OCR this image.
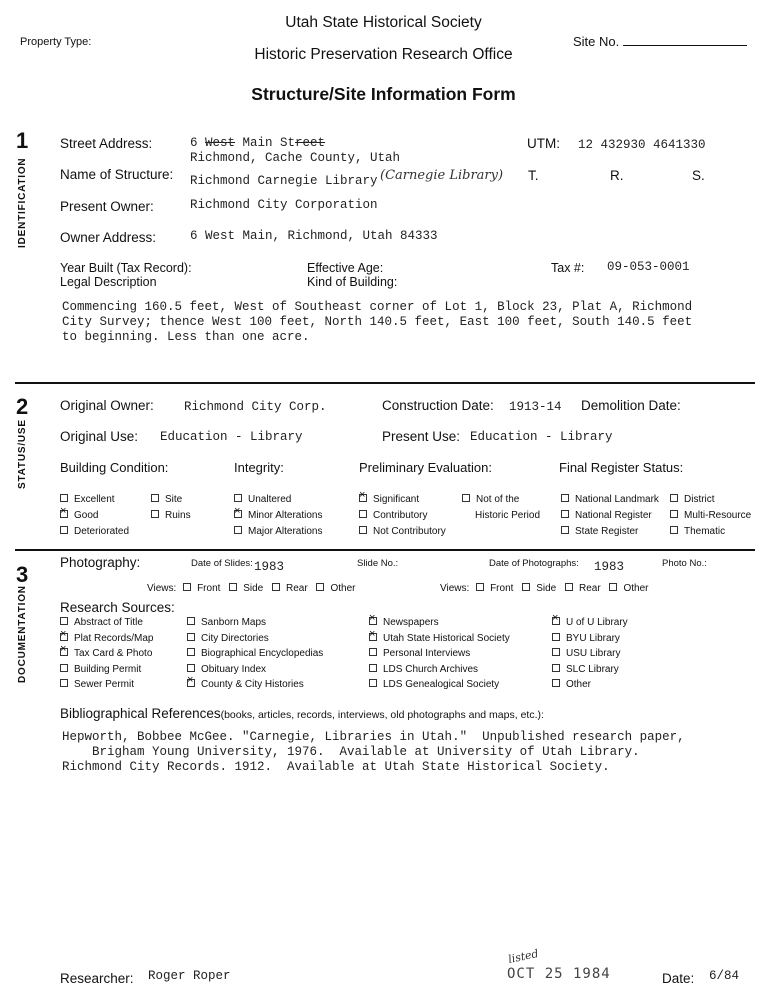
Utah State Historical Society
Historic Preservation Research Office
Structure/Site Information Form
Property Type:	Site No.
1
IDENTIFICATION
Street Address:	6 West Main Street
Richmond, Cache County, Utah
UTM: 12 432930 4641330
Name of Structure: Richmond Carnegie Library (Carnegie Library) T.	R.	S.
Present Owner:	Richmond City Corporation
Owner Address:	6 West Main, Richmond, Utah 84333
Year Built (Tax Record):	Effective Age:	Tax #: 09-053-0001
Legal Description	Kind of Building:
Commencing 160.5 feet, West of Southeast corner of Lot 1, Block 23, Plat A, Richmond
City Survey; thence West 100 feet, North 140.5 feet, East 100 feet, South 140.5 feet
to beginning. Less than one acre.
2
STATUS/USE
Original Owner: Richmond City Corp.	Construction Date: 1913-14 Demolition Date:
Original Use: Education - Library	Present Use: Education - Library
Building Condition:	Integrity:	Preliminary Evaluation:	Final Register Status:
Excellent
×Good
Deteriorated
Site
Ruins
Unaltered
×Minor Alterations
Major Alterations
×Significant
Contributory
Not Contributory
Not of the
Historic Period
National Landmark
National Register
State Register
District
Multi-Resource
Thematic
3
DOCUMENTATION
Photography:	Date of Slides: 1983	Slide No.:	Date of Photographs: 1983	Photo No.:
Views: Front Side Rear Other	Views: Front Side Rear Other
Research Sources:
Abstract of Title
×Plat Records/Map
×Tax Card & Photo
Building Permit
Sewer Permit
Sanborn Maps
City Directories
Biographical Encyclopedias
Obituary Index
×County & City Histories
×Newspapers
×Utah State Historical Society
Personal Interviews
LDS Church Archives
LDS Genealogical Society
×U of U Library
BYU Library
USU Library
SLC Library
Other
Bibliographical References(books, articles, records, interviews, old photographs and maps, etc.):
Hepworth, Bobbee McGee. "Carnegie, Libraries in Utah."  Unpublished research paper,
Brigham Young University, 1976.  Available at University of Utah Library.
Richmond City Records. 1912.  Available at Utah State Historical Society.
Researcher: Roger Roper
listed
OCT 25 1984	Date: 6/84
